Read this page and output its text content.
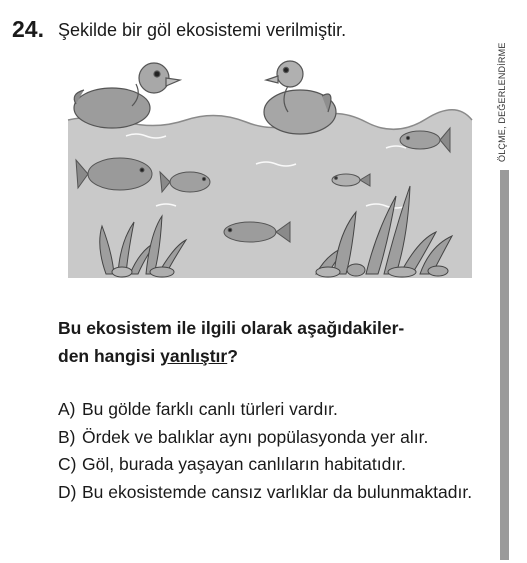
24. Şekilde bir göl ekosistemi verilmiştir.
ÖLÇME, DEĞERLENDİRME
Bu ekosistem ile ilgili olarak aşağıdakiler-
den hangisi yanlıştır?
A) Bu gölde farklı canlı türleri vardır.
B) Ördek ve balıklar aynı popülasyonda yer alır.
C) Göl, burada yaşayan canlıların habitatıdır.
D) Bu ekosistemde cansız varlıklar da bulunmaktadır.
